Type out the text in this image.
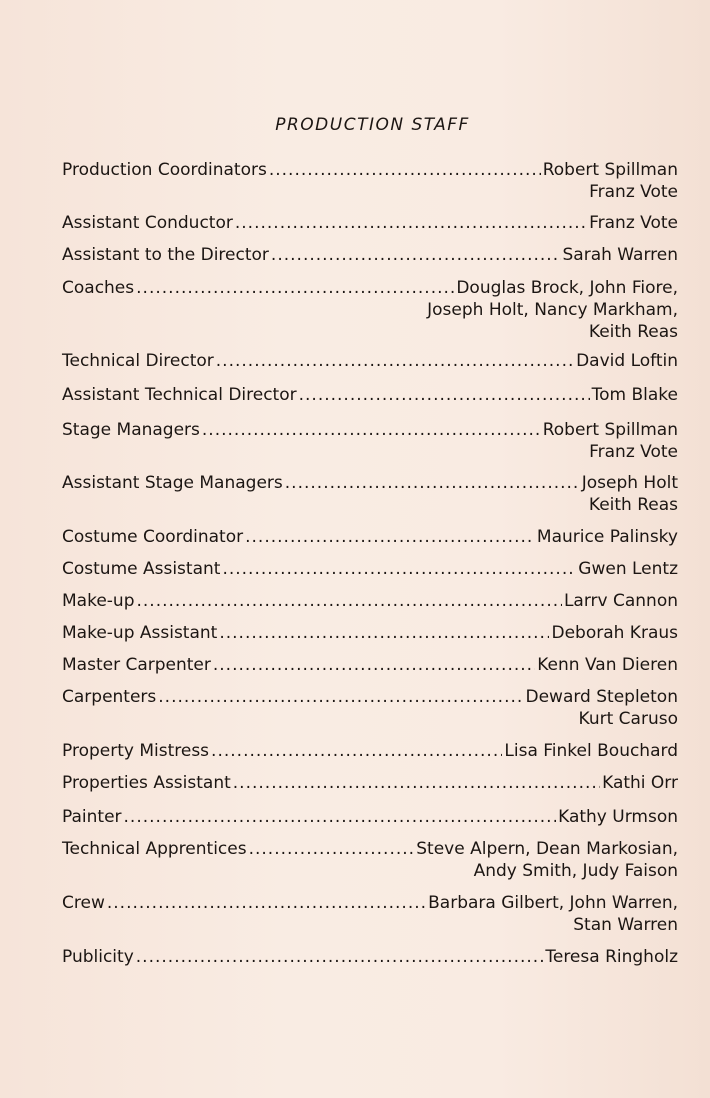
PRODUCTION STAFF
Production Coordinators .....	Robert Spillman
Franz Vote
Assistant Conductor .....	Franz Vote
Assistant to the Director .....	Sarah Warren
Coaches .....	Douglas Brock, John Fiore,
Joseph Holt, Nancy Markham,
Keith Reas
Technical Director .....	David Loftin
Assistant Technical Director .....	Tom Blake
Stage Managers .....	Robert Spillman
Franz Vote
Assistant Stage Managers .....	Joseph Holt
Keith Reas
Costume Coordinator .....	Maurice Palinsky
Costume Assistant .....	Gwen Lentz
Make-up .....	Larrv Cannon
Make-up Assistant .....	Deborah Kraus
Master Carpenter .....	Kenn Van Dieren
Carpenters .....	Deward Stepleton
Kurt Caruso
Property Mistress .....	Lisa Finkel Bouchard
Properties Assistant .....	Kathi Orr
Painter .....	Kathy Urmson
Technical Apprentices .....	Steve Alpern, Dean Markosian,
Andy Smith, Judy Faison
Crew .....	Barbara Gilbert, John Warren,
Stan Warren
Publicity .....	Teresa Ringholz
